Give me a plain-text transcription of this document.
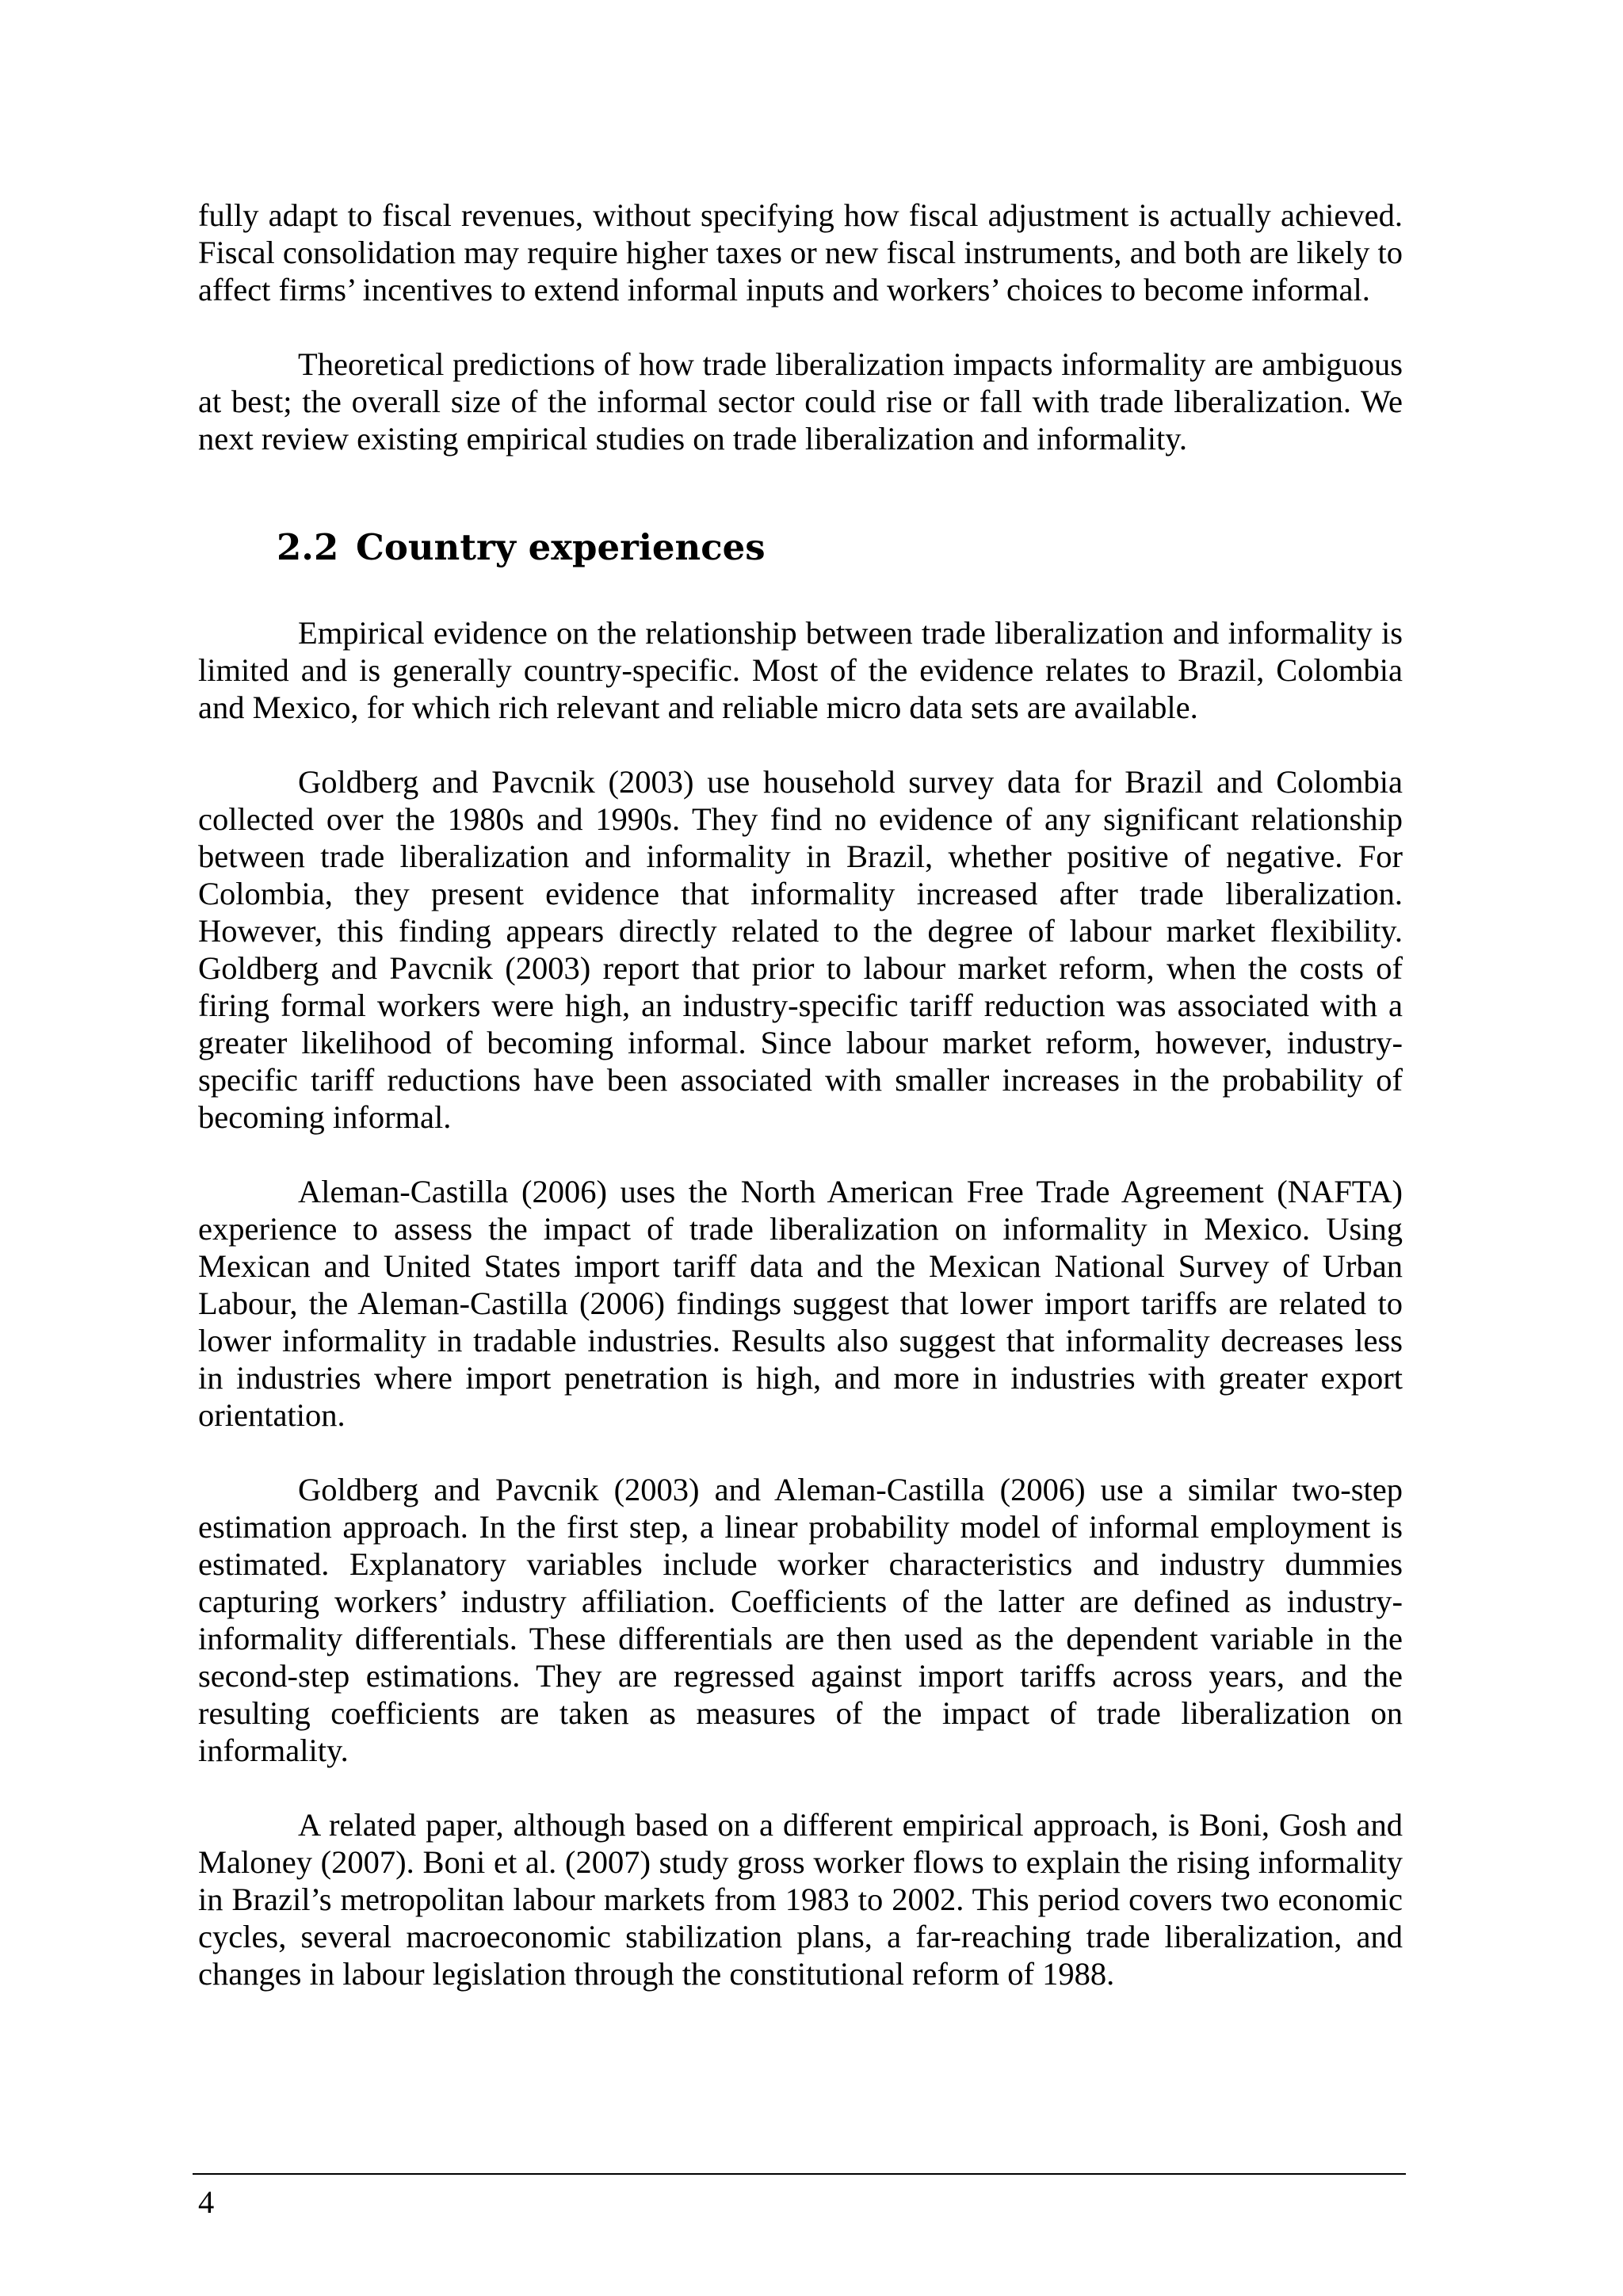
fully adapt to fiscal revenues, without specifying how fiscal adjustment is actually achieved. Fiscal consolidation may require higher taxes or new fiscal instruments, and both are likely to affect firms’ incentives to extend informal inputs and workers’ choices to become informal.

Theoretical predictions of how trade liberalization impacts informality are ambiguous at best; the overall size of the informal sector could rise or fall with trade liberalization. We next review existing empirical studies on trade liberalization and informality.

2.2 Country experiences

Empirical evidence on the relationship between trade liberalization and informality is limited and is generally country-specific. Most of the evidence relates to Brazil, Colombia and Mexico, for which rich relevant and reliable micro data sets are available.

Goldberg and Pavcnik (2003) use household survey data for Brazil and Colombia collected over the 1980s and 1990s. They find no evidence of any significant relationship between trade liberalization and informality in Brazil, whether positive of negative. For Colombia, they present evidence that informality increased after trade liberalization. However, this finding appears directly related to the degree of labour market flexibility. Goldberg and Pavcnik (2003) report that prior to labour market reform, when the costs of firing formal workers were high, an industry-specific tariff reduction was associated with a greater likelihood of becoming informal. Since labour market reform, however, industry-specific tariff reductions have been associated with smaller increases in the probability of becoming informal.

Aleman-Castilla (2006) uses the North American Free Trade Agreement (NAFTA) experience to assess the impact of trade liberalization on informality in Mexico. Using Mexican and United States import tariff data and the Mexican National Survey of Urban Labour, the Aleman-Castilla (2006) findings suggest that lower import tariffs are related to lower informality in tradable industries. Results also suggest that informality decreases less in industries where import penetration is high, and more in industries with greater export orientation.

Goldberg and Pavcnik (2003) and Aleman-Castilla (2006) use a similar two-step estimation approach. In the first step, a linear probability model of informal employment is estimated. Explanatory variables include worker characteristics and industry dummies capturing workers’ industry affiliation. Coefficients of the latter are defined as industry-informality differentials. These differentials are then used as the dependent variable in the second-step estimations. They are regressed against import tariffs across years, and the resulting coefficients are taken as measures of the impact of trade liberalization on informality.

A related paper, although based on a different empirical approach, is Boni, Gosh and Maloney (2007). Boni et al. (2007) study gross worker flows to explain the rising informality in Brazil’s metropolitan labour markets from 1983 to 2002. This period covers two economic cycles, several macroeconomic stabilization plans, a far-reaching trade liberalization, and changes in labour legislation through the constitutional reform of 1988.

4
